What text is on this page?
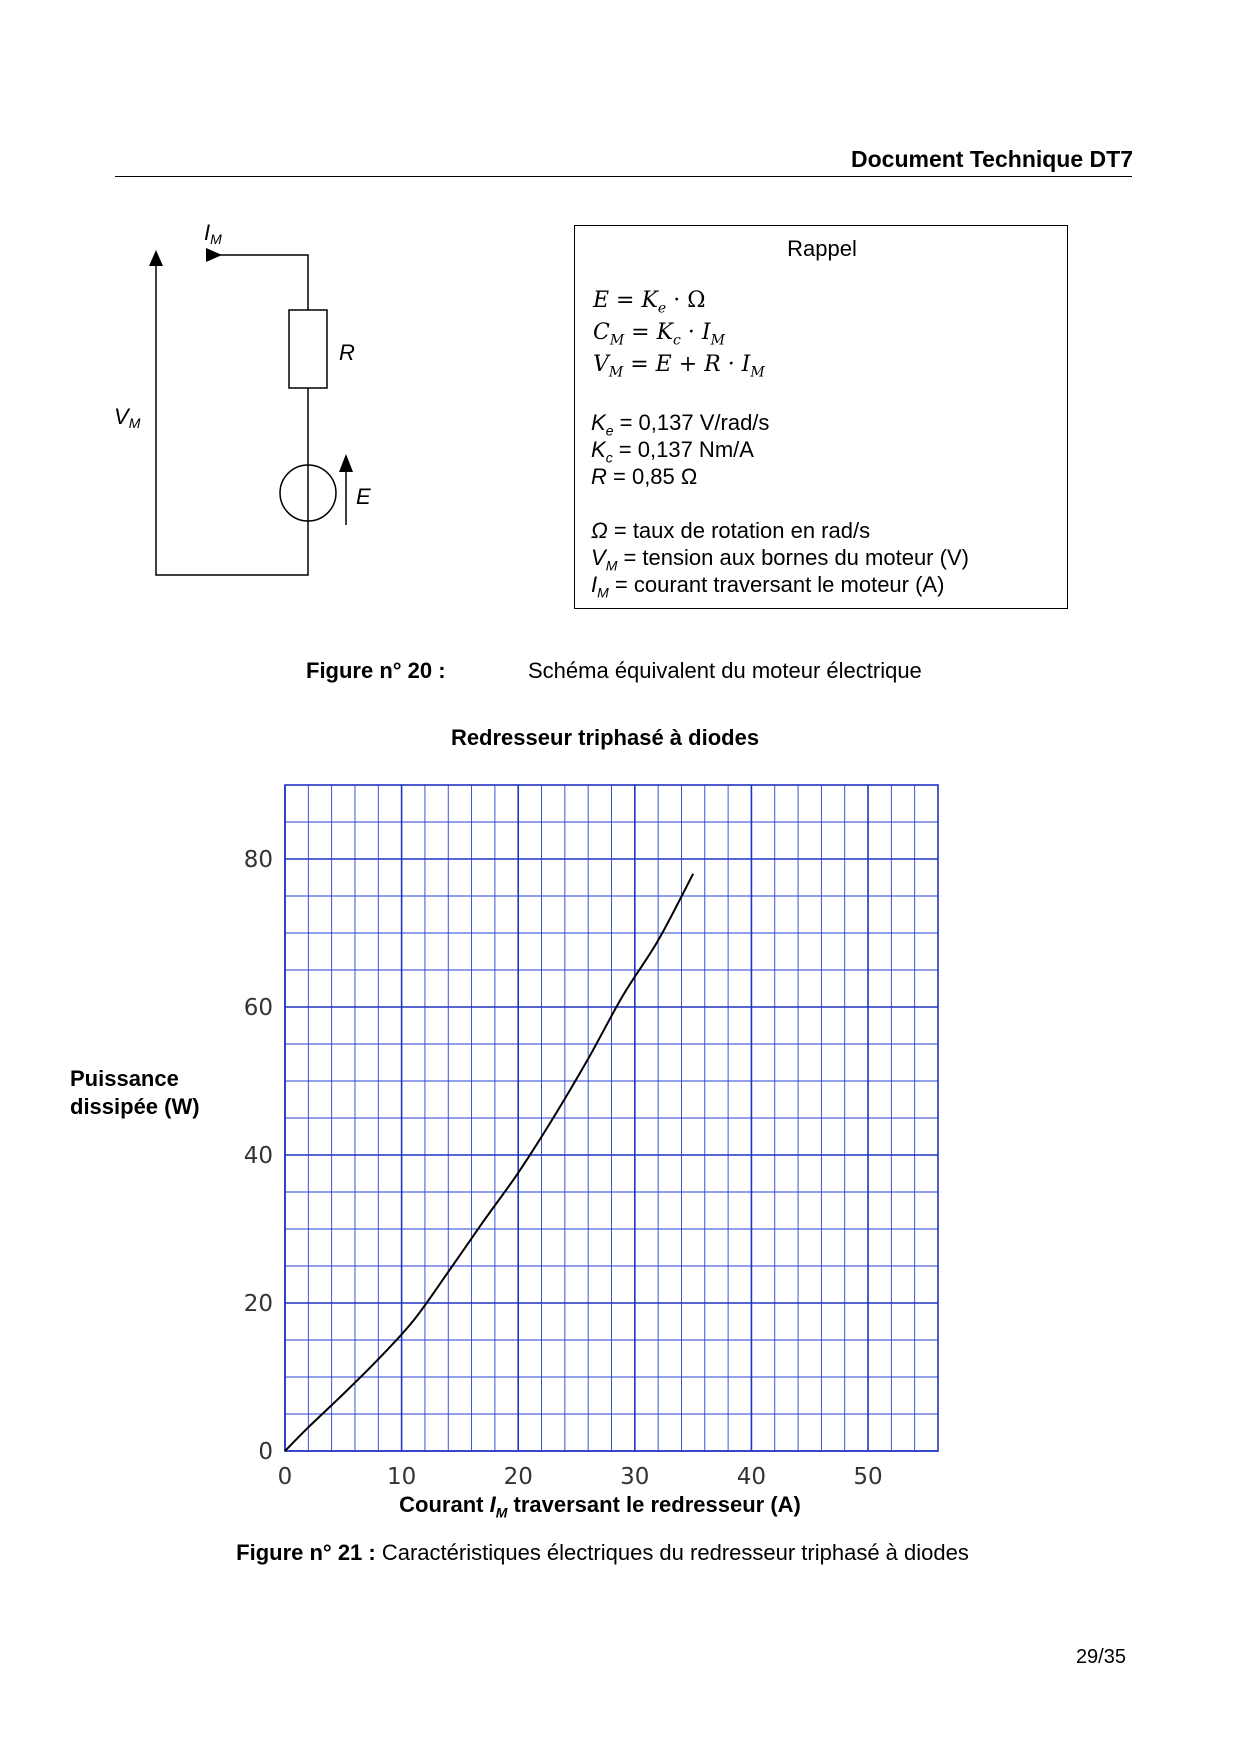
Document Technique DT7
IM
VM
R
E
Rappel
$E = K_e \cdot \Omega$
$C_M = K_c \cdot I_M$
$V_M = E + R \cdot I_M$
$K_e = 0,137$ V/rad/s
$K_c = 0,137$ Nm/A
R = 0,85 Ω
Ω = taux de rotation en rad/s
$V_M$ = tension aux bornes du moteur (V)
$I_M$ = courant traversant le moteur (A)
Figure n° 20 :	Schéma équivalent du moteur électrique
Redresseur triphasé à diodes
Puissance
dissipée (W)
0	10	20	30	40	50
0
20
40
60
80
Courant $I_M$ traversant le redresseur (A)
Figure n° 21 : Caractéristiques électriques du redresseur triphasé à diodes
29/35
